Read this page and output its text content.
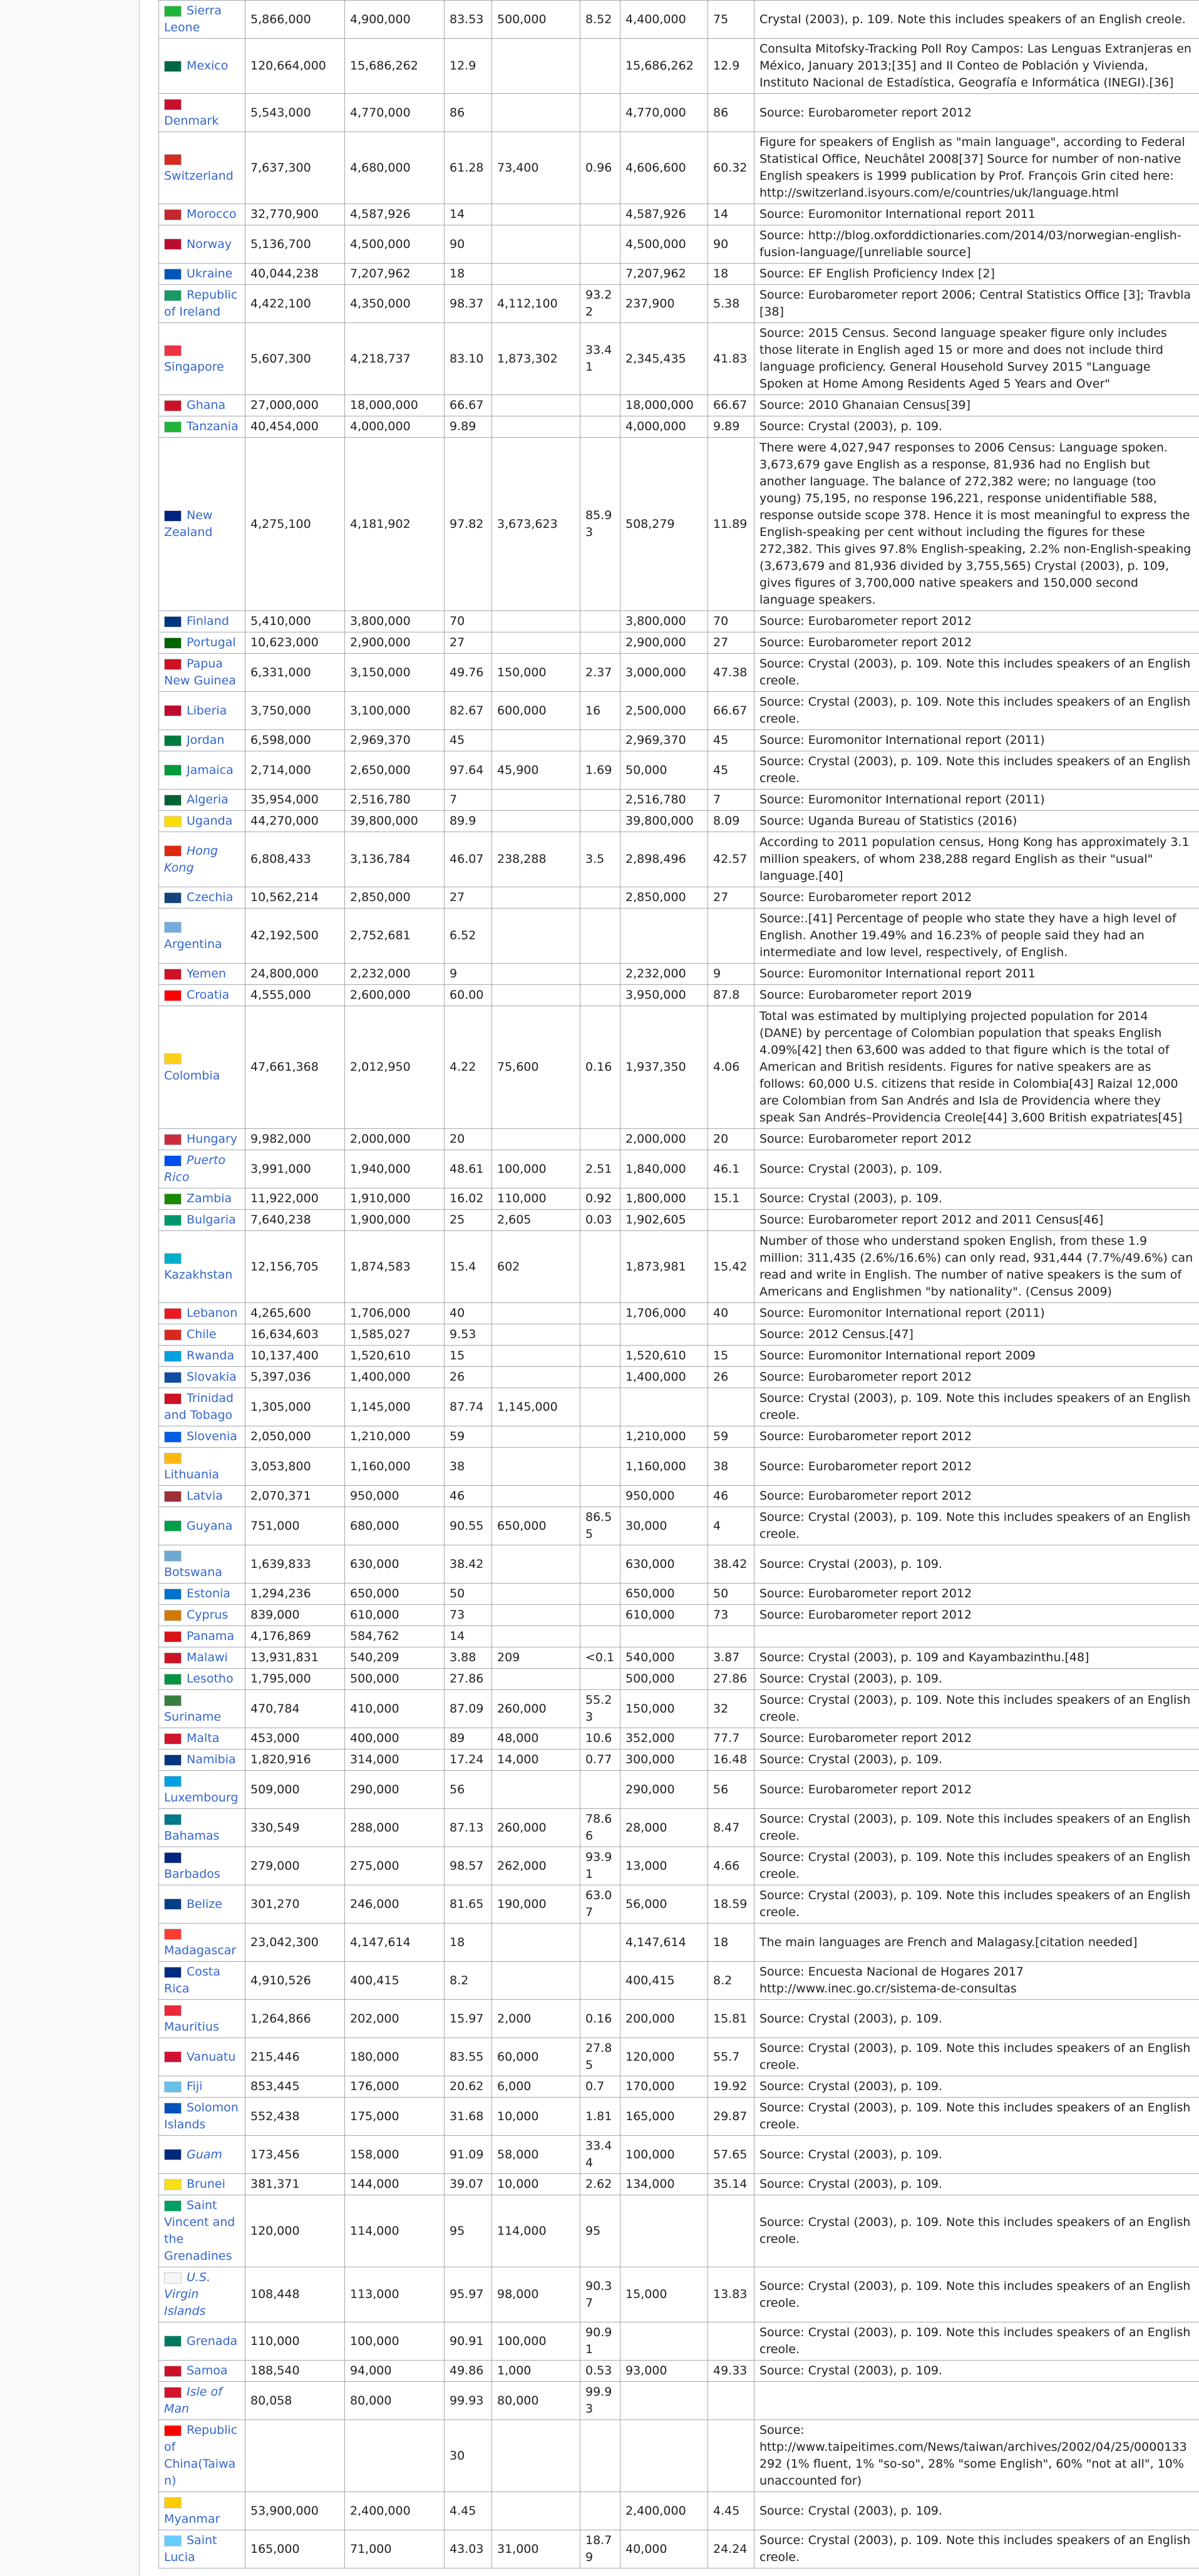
Sierra Leone	5,866,000	4,900,000	83.53	500,000	8.52	4,400,000	75	Crystal (2003), p. 109. Note this includes speakers of an English creole.
Mexico	120,664,000	15,686,262	12.9			15,686,262	12.9	Consulta Mitofsky-Tracking Poll Roy Campos: Las Lenguas Extranjeras en México, January 2013;[35] and II Conteo de Población y Vivienda, Instituto Nacional de Estadística, Geografía e Informática (INEGI).[36]
Denmark	5,543,000	4,770,000	86			4,770,000	86	Source: Eurobarometer report 2012
Switzerland	7,637,300	4,680,000	61.28	73,400	0.96	4,606,600	60.32	Figure for speakers of English as "main language", according to Federal Statistical Office, Neuchâtel 2008[37] Source for number of non-native English speakers is 1999 publication by Prof. François Grin cited here: http://switzerland.isyours.com/e/countries/uk/language.html
Morocco	32,770,900	4,587,926	14			4,587,926	14	Source: Euromonitor International report 2011
Norway	5,136,700	4,500,000	90			4,500,000	90	Source: http://blog.oxforddictionaries.com/2014/03/norwegian-english-fusion-language/[unreliable source]
Ukraine	40,044,238	7,207,962	18			7,207,962	18	Source: EF English Proficiency Index [2]
Republic of Ireland	4,422,100	4,350,000	98.37	4,112,100	93.22	237,900	5.38	Source: Eurobarometer report 2006; Central Statistics Office [3]; Travbla [38]
Singapore	5,607,300	4,218,737	83.10	1,873,302	33.41	2,345,435	41.83	Source: 2015 Census. Second language speaker figure only includes those literate in English aged 15 or more and does not include third language proficiency. General Household Survey 2015 "Language Spoken at Home Among Residents Aged 5 Years and Over"
Ghana	27,000,000	18,000,000	66.67			18,000,000	66.67	Source: 2010 Ghanaian Census[39]
Tanzania	40,454,000	4,000,000	9.89			4,000,000	9.89	Source: Crystal (2003), p. 109.
New Zealand	4,275,100	4,181,902	97.82	3,673,623	85.93	508,279	11.89	There were 4,027,947 responses to 2006 Census: Language spoken. 3,673,679 gave English as a response, 81,936 had no English but another language. The balance of 272,382 were; no language (too young) 75,195, no response 196,221, response unidentifiable 588, response outside scope 378. Hence it is most meaningful to express the English-speaking per cent without including the figures for these 272,382. This gives 97.8% English-speaking, 2.2% non-English-speaking (3,673,679 and 81,936 divided by 3,755,565) Crystal (2003), p. 109, gives figures of 3,700,000 native speakers and 150,000 second language speakers.
Finland	5,410,000	3,800,000	70			3,800,000	70	Source: Eurobarometer report 2012
Portugal	10,623,000	2,900,000	27			2,900,000	27	Source: Eurobarometer report 2012
Papua New Guinea	6,331,000	3,150,000	49.76	150,000	2.37	3,000,000	47.38	Source: Crystal (2003), p. 109. Note this includes speakers of an English creole.
Liberia	3,750,000	3,100,000	82.67	600,000	16	2,500,000	66.67	Source: Crystal (2003), p. 109. Note this includes speakers of an English creole.
Jordan	6,598,000	2,969,370	45			2,969,370	45	Source: Euromonitor International report (2011)
Jamaica	2,714,000	2,650,000	97.64	45,900	1.69	50,000	45	Source: Crystal (2003), p. 109. Note this includes speakers of an English creole.
Algeria	35,954,000	2,516,780	7			2,516,780	7	Source: Euromonitor International report (2011)
Uganda	44,270,000	39,800,000	89.9			39,800,000	8.09	Source: Uganda Bureau of Statistics (2016)
Hong Kong	6,808,433	3,136,784	46.07	238,288	3.5	2,898,496	42.57	According to 2011 population census, Hong Kong has approximately 3.1 million speakers, of whom 238,288 regard English as their "usual" language.[40]
Czechia	10,562,214	2,850,000	27			2,850,000	27	Source: Eurobarometer report 2012
Argentina	42,192,500	2,752,681	6.52					Source:.[41] Percentage of people who state they have a high level of English. Another 19.49% and 16.23% of people said they had an intermediate and low level, respectively, of English.
Yemen	24,800,000	2,232,000	9			2,232,000	9	Source: Euromonitor International report 2011
Croatia	4,555,000	2,600,000	60.00			3,950,000	87.8	Source: Eurobarometer report 2019
Colombia	47,661,368	2,012,950	4.22	75,600	0.16	1,937,350	4.06	Total was estimated by multiplying projected population for 2014 (DANE) by percentage of Colombian population that speaks English 4.09%[42] then 63,600 was added to that figure which is the total of American and British residents. Figures for native speakers are as follows: 60,000 U.S. citizens that reside in Colombia[43] Raizal 12,000 are Colombian from San Andrés and Isla de Providencia where they speak San Andrés–Providencia Creole[44] 3,600 British expatriates[45]
Hungary	9,982,000	2,000,000	20			2,000,000	20	Source: Eurobarometer report 2012
Puerto Rico	3,991,000	1,940,000	48.61	100,000	2.51	1,840,000	46.1	Source: Crystal (2003), p. 109.
Zambia	11,922,000	1,910,000	16.02	110,000	0.92	1,800,000	15.1	Source: Crystal (2003), p. 109.
Bulgaria	7,640,238	1,900,000	25	2,605	0.03	1,902,605		Source: Eurobarometer report 2012 and 2011 Census[46]
Kazakhstan	12,156,705	1,874,583	15.4	602		1,873,981	15.42	Number of those who understand spoken English, from these 1.9 million: 311,435 (2.6%/16.6%) can only read, 931,444 (7.7%/49.6%) can read and write in English. The number of native speakers is the sum of Americans and Englishmen "by nationality". (Census 2009)
Lebanon	4,265,600	1,706,000	40			1,706,000	40	Source: Euromonitor International report (2011)
Chile	16,634,603	1,585,027	9.53					Source: 2012 Census.[47]
Rwanda	10,137,400	1,520,610	15			1,520,610	15	Source: Euromonitor International report 2009
Slovakia	5,397,036	1,400,000	26			1,400,000	26	Source: Eurobarometer report 2012
Trinidad and Tobago	1,305,000	1,145,000	87.74	1,145,000				Source: Crystal (2003), p. 109. Note this includes speakers of an English creole.
Slovenia	2,050,000	1,210,000	59			1,210,000	59	Source: Eurobarometer report 2012
Lithuania	3,053,800	1,160,000	38			1,160,000	38	Source: Eurobarometer report 2012
Latvia	2,070,371	950,000	46			950,000	46	Source: Eurobarometer report 2012
Guyana	751,000	680,000	90.55	650,000	86.55	30,000	4	Source: Crystal (2003), p. 109. Note this includes speakers of an English creole.
Botswana	1,639,833	630,000	38.42			630,000	38.42	Source: Crystal (2003), p. 109.
Estonia	1,294,236	650,000	50			650,000	50	Source: Eurobarometer report 2012
Cyprus	839,000	610,000	73			610,000	73	Source: Eurobarometer report 2012
Panama	4,176,869	584,762	14					
Malawi	13,931,831	540,209	3.88	209	<0.1	540,000	3.87	Source: Crystal (2003), p. 109 and Kayambazinthu.[48]
Lesotho	1,795,000	500,000	27.86			500,000	27.86	Source: Crystal (2003), p. 109.
Suriname	470,784	410,000	87.09	260,000	55.23	150,000	32	Source: Crystal (2003), p. 109. Note this includes speakers of an English creole.
Malta	453,000	400,000	89	48,000	10.6	352,000	77.7	Source: Eurobarometer report 2012
Namibia	1,820,916	314,000	17.24	14,000	0.77	300,000	16.48	Source: Crystal (2003), p. 109.
Luxembourg	509,000	290,000	56			290,000	56	Source: Eurobarometer report 2012
Bahamas	330,549	288,000	87.13	260,000	78.66	28,000	8.47	Source: Crystal (2003), p. 109. Note this includes speakers of an English creole.
Barbados	279,000	275,000	98.57	262,000	93.91	13,000	4.66	Source: Crystal (2003), p. 109. Note this includes speakers of an English creole.
Belize	301,270	246,000	81.65	190,000	63.07	56,000	18.59	Source: Crystal (2003), p. 109. Note this includes speakers of an English creole.
Madagascar	23,042,300	4,147,614	18			4,147,614	18	The main languages are French and Malagasy.[citation needed]
Costa Rica	4,910,526	400,415	8.2			400,415	8.2	Source: Encuesta Nacional de Hogares 2017 http://www.inec.go.cr/sistema-de-consultas
Mauritius	1,264,866	202,000	15.97	2,000	0.16	200,000	15.81	Source: Crystal (2003), p. 109.
Vanuatu	215,446	180,000	83.55	60,000	27.85	120,000	55.7	Source: Crystal (2003), p. 109. Note this includes speakers of an English creole.
Fiji	853,445	176,000	20.62	6,000	0.7	170,000	19.92	Source: Crystal (2003), p. 109.
Solomon Islands	552,438	175,000	31.68	10,000	1.81	165,000	29.87	Source: Crystal (2003), p. 109. Note this includes speakers of an English creole.
Guam	173,456	158,000	91.09	58,000	33.44	100,000	57.65	Source: Crystal (2003), p. 109.
Brunei	381,371	144,000	39.07	10,000	2.62	134,000	35.14	Source: Crystal (2003), p. 109.
Saint Vincent and the Grenadines	120,000	114,000	95	114,000	95			Source: Crystal (2003), p. 109. Note this includes speakers of an English creole.
U.S. Virgin Islands	108,448	113,000	95.97	98,000	90.37	15,000	13.83	Source: Crystal (2003), p. 109. Note this includes speakers of an English creole.
Grenada	110,000	100,000	90.91	100,000	90.91			Source: Crystal (2003), p. 109. Note this includes speakers of an English creole.
Samoa	188,540	94,000	49.86	1,000	0.53	93,000	49.33	Source: Crystal (2003), p. 109.
Isle of Man	80,058	80,000	99.93	80,000	99.93			
Republic of China(Taiwan)			30					Source: http://www.taipeitimes.com/News/taiwan/archives/2002/04/25/0000133292 (1% fluent, 1% "so-so", 28% "some English", 60% "not at all", 10% unaccounted for)
Myanmar	53,900,000	2,400,000	4.45			2,400,000	4.45	Source: Crystal (2003), p. 109.
Saint Lucia	165,000	71,000	43.03	31,000	18.79	40,000	24.24	Source: Crystal (2003), p. 109. Note this includes speakers of an English creole.
